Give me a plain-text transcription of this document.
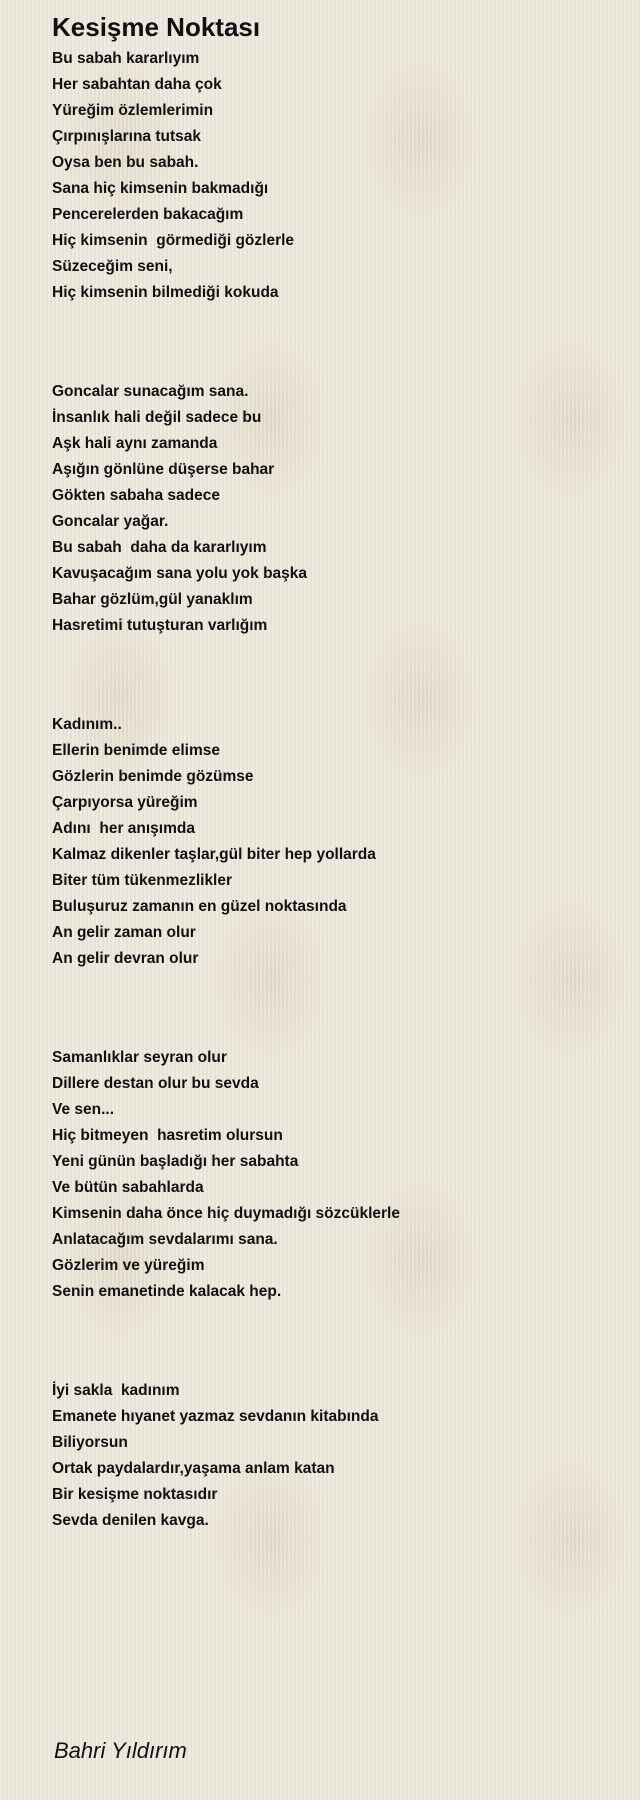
Kesişme Noktası
Bu sabah kararlıyım
Her sabahtan daha çok
Yüreğim özlemlerimin
Çırpınışlarına tutsak
Oysa ben bu sabah.
Sana hiç kimsenin bakmadığı
Pencerelerden bakacağım
Hiç kimsenin  görmediği gözlerle
Süzeceğim seni,
Hiç kimsenin bilmediği kokuda
Goncalar sunacağım sana.
İnsanlık hali değil sadece bu
Aşk hali aynı zamanda
Aşığın gönlüne düşerse bahar
Gökten sabaha sadece
Goncalar yağar.
Bu sabah  daha da kararlıyım
Kavuşacağım sana yolu yok başka
Bahar gözlüm,gül yanaklım
Hasretimi tutuşturan varlığım
Kadınım..
Ellerin benimde elimse
Gözlerin benimde gözümse
Çarpıyorsa yüreğim
Adını  her anışımda
Kalmaz dikenler taşlar,gül biter hep yollarda
Biter tüm tükenmezlikler
Buluşuruz zamanın en güzel noktasında
An gelir zaman olur
An gelir devran olur
Samanlıklar seyran olur
Dillere destan olur bu sevda
Ve sen...
Hiç bitmeyen  hasretim olursun
Yeni günün başladığı her sabahta
Ve bütün sabahlarda
Kimsenin daha önce hiç duymadığı sözcüklerle
Anlatacağım sevdalarımı sana.
Gözlerim ve yüreğim
Senin emanetinde kalacak hep.
İyi sakla  kadınım
Emanete hıyanet yazmaz sevdanın kitabında
Biliyorsun
Ortak paydalardır,yaşama anlam katan
Bir kesişme noktasıdır
Sevda denilen kavga.
Bahri Yıldırım
